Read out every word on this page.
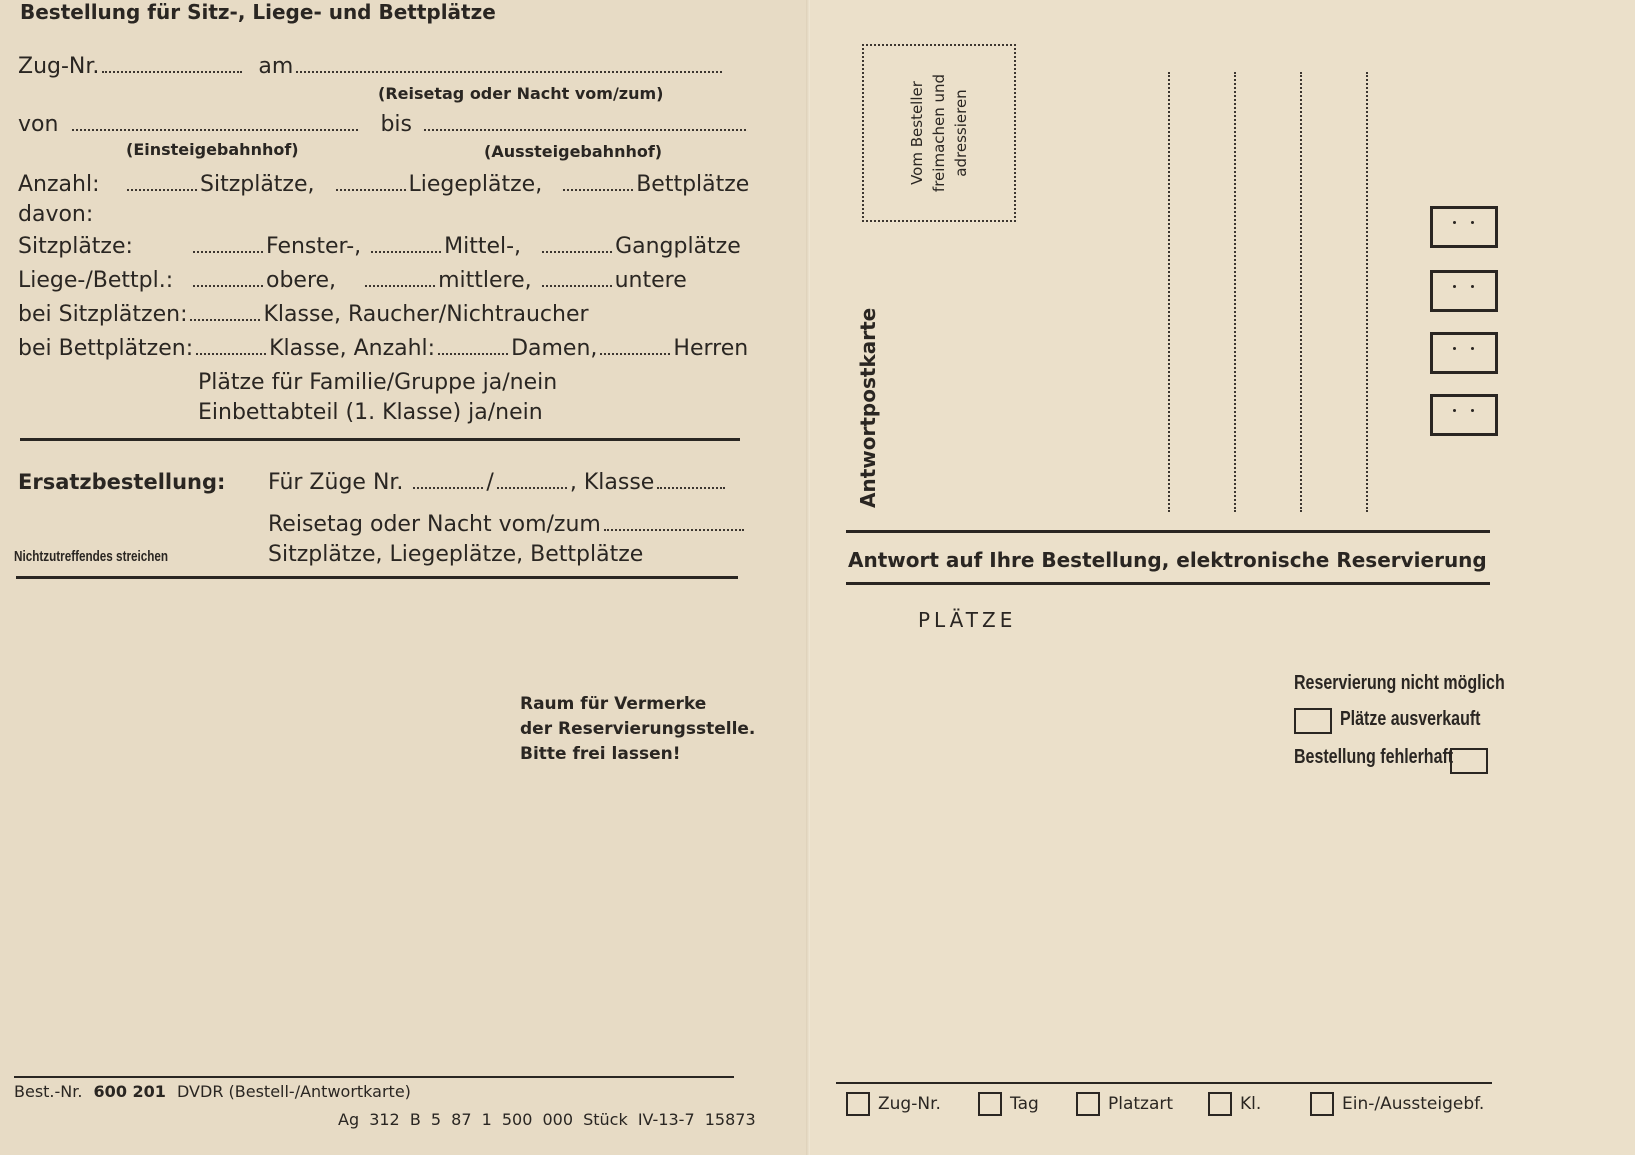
Bestellung für Sitz-, Liege- und Bettplätze
Zug-Nr.	am
(Reisetag oder Nacht vom/zum)
von	bis
(Einsteigebahnhof)	(Aussteigebahnhof)
Anzahl:	Sitzplätze,	Liegeplätze,	Bettplätze
davon:
Sitzplätze:	Fenster-,	Mittel-,	Gangplätze
Liege-/Bettpl.:	obere,	mittlere,	untere
bei Sitzplätzen:	Klasse, Raucher/Nichtraucher
bei Bettplätzen:	Klasse, Anzahl:	Damen,	Herren
Plätze für Familie/Gruppe ja/nein
Einbettabteil (1. Klasse) ja/nein
Ersatzbestellung: Für Züge Nr.	/	, Klasse
Reisetag oder Nacht vom/zum
Nichtzutreffendes streichen	Sitzplätze, Liegeplätze, Bettplätze
Raum für Vermerke
der Reservierungsstelle.
Bitte frei lassen!
Best.-Nr. 600 201 DVDR (Bestell-/Antwortkarte)
Ag 312 B 5 87 1 500 000 Stück IV-13-7 15873
Vom Besteller freimachen und adressieren
Antwortpostkarte
Antwort auf Ihre Bestellung, elektronische Reservierung
PLÄTZE
Reservierung nicht möglich
Plätze ausverkauft
Bestellung fehlerhaft
Zug-Nr.	Tag	Platzart	Kl.	Ein-/Aussteigebf.
